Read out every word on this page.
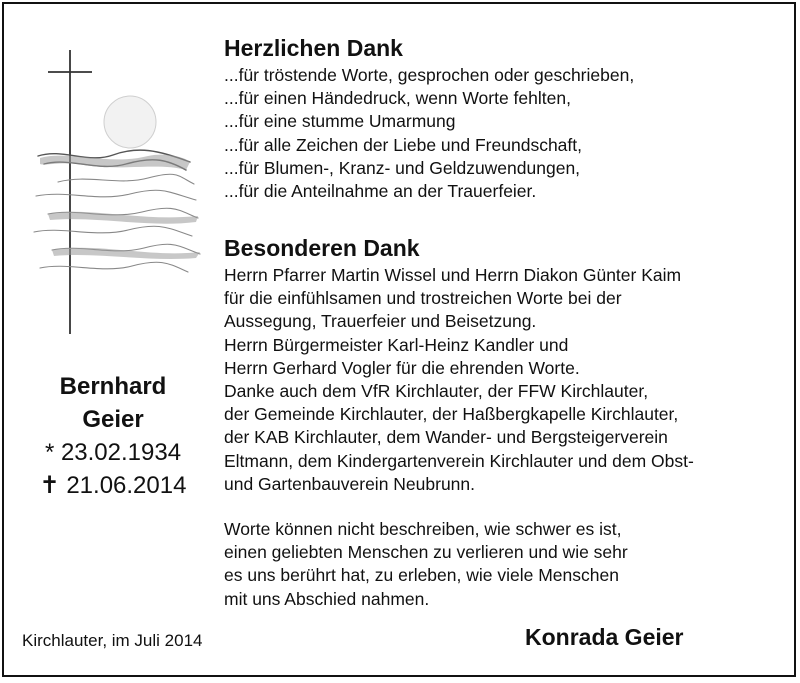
Bernhard
Geier
* 23.02.1934
✝ 21.06.2014
Herzlichen Dank

...für tröstende Worte, gesprochen oder geschrieben,

...für einen Händedruck, wenn Worte fehlten,

...für eine stumme Umarmung

...für alle Zeichen der Liebe und Freundschaft,

...für Blumen-, Kranz- und Geldzuwendungen,

...für die Anteilnahme an der Trauerfeier.

Besonderen Dank

Herrn Pfarrer Martin Wissel und Herrn Diakon Günter Kaim

für die einfühlsamen und trostreichen Worte bei der

Aussegung, Trauerfeier und Beisetzung.

Herrn Bürgermeister Karl-Heinz Kandler und

Herrn Gerhard Vogler für die ehrenden Worte.

Danke auch dem VfR Kirchlauter, der FFW Kirchlauter,

der Gemeinde Kirchlauter, der Haßbergkapelle Kirchlauter,

der KAB Kirchlauter, dem Wander- und Bergsteigerverein

Eltmann, dem Kindergartenverein Kirchlauter und dem Obst-

und Gartenbauverein Neubrunn.

Worte können nicht beschreiben, wie schwer es ist,

einen geliebten Menschen zu verlieren und wie sehr

es uns berührt hat, zu erleben, wie viele Menschen

mit uns Abschied nahmen.

Kirchlauter, im Juli 2014	Konrada Geier
